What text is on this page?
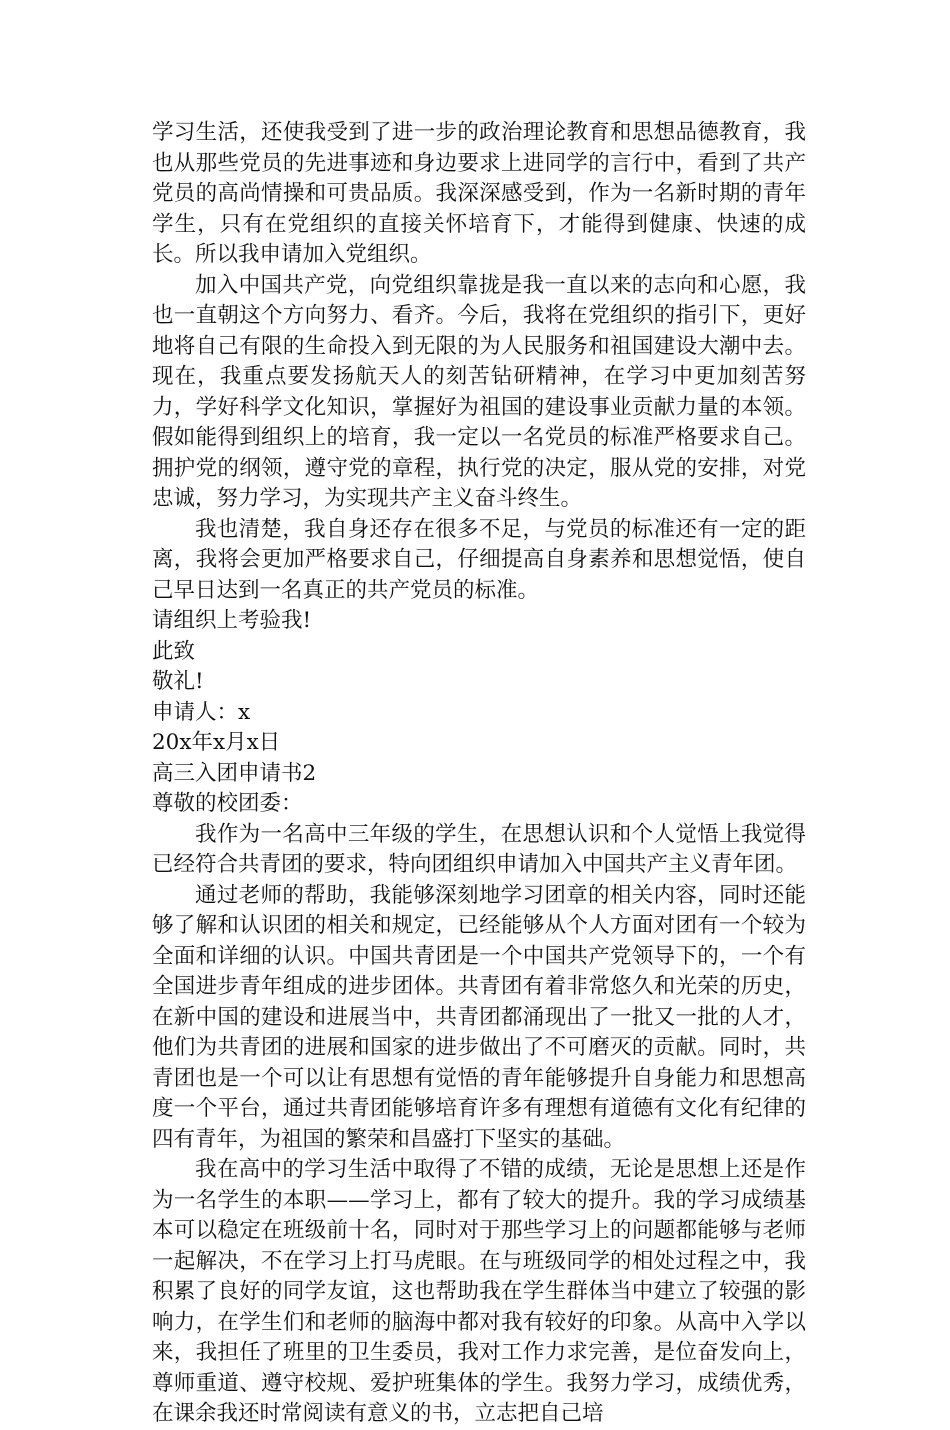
学习生活，还使我受到了进一步的政治理论教育和思想品德教育，我也从那些党员的先进事迹和身边要求上进同学的言行中，看到了共产党员的高尚情操和可贵品质。我深深感受到，作为一名新时期的青年学生，只有在党组织的直接关怀培育下，才能得到健康、快速的成长。所以我申请加入党组织。

加入中国共产党，向党组织靠拢是我一直以来的志向和心愿，我也一直朝这个方向努力、看齐。今后，我将在党组织的指引下，更好地将自己有限的生命投入到无限的为人民服务和祖国建设大潮中去。现在，我重点要发扬航天人的刻苦钻研精神，在学习中更加刻苦努力，学好科学文化知识，掌握好为祖国的建设事业贡献力量的本领。假如能得到组织上的培育，我一定以一名党员的标准严格要求自己。拥护党的纲领，遵守党的章程，执行党的决定，服从党的安排，对党忠诚，努力学习，为实现共产主义奋斗终生。

我也清楚，我自身还存在很多不足，与党员的标准还有一定的距离，我将会更加严格要求自己，仔细提高自身素养和思想觉悟，使自己早日达到一名真正的共产党员的标准。

请组织上考验我!

此致

敬礼!

申请人：x

20x年x月x日

高三入团申请书2

尊敬的校团委：

我作为一名高中三年级的学生，在思想认识和个人觉悟上我觉得已经符合共青团的要求，特向团组织申请加入中国共产主义青年团。

通过老师的帮助，我能够深刻地学习团章的相关内容，同时还能够了解和认识团的相关和规定，已经能够从个人方面对团有一个较为全面和详细的认识。中国共青团是一个中国共产党领导下的，一个有全国进步青年组成的进步团体。共青团有着非常悠久和光荣的历史，在新中国的建设和进展当中，共青团都涌现出了一批又一批的人才，他们为共青团的进展和国家的进步做出了不可磨灭的贡献。同时，共青团也是一个可以让有思想有觉悟的青年能够提升自身能力和思想高度一个平台，通过共青团能够培育许多有理想有道德有文化有纪律的四有青年，为祖国的繁荣和昌盛打下坚实的基础。

我在高中的学习生活中取得了不错的成绩，无论是思想上还是作为一名学生的本职——学习上，都有了较大的提升。我的学习成绩基本可以稳定在班级前十名，同时对于那些学习上的问题都能够与老师一起解决，不在学习上打马虎眼。在与班级同学的相处过程之中，我积累了良好的同学友谊，这也帮助我在学生群体当中建立了较强的影响力，在学生们和老师的脑海中都对我有较好的印象。从高中入学以来，我担任了班里的卫生委员，我对工作力求完善，是位奋发向上，尊师重道、遵守校规、爱护班集体的学生。我努力学习，成绩优秀，在课余我还时常阅读有意义的书，立志把自己培
